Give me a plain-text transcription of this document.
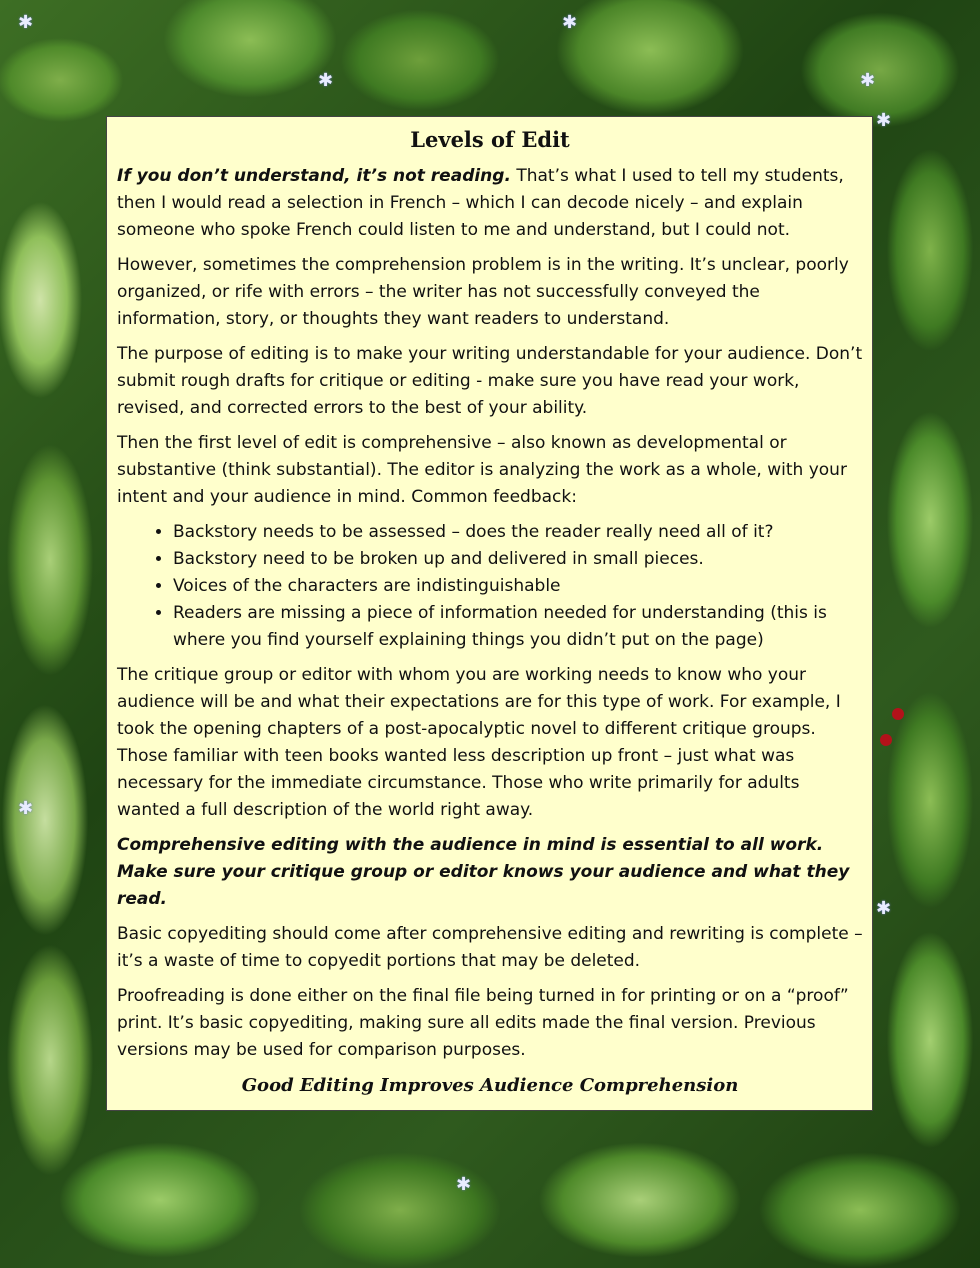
✱
✱
✱
✱
✱
✱
✱
✱
Levels of Edit

If you don’t understand, it’s not reading. That’s what I used to tell my students, then I would read a selection in French – which I can decode nicely – and explain someone who spoke French could listen to me and understand, but I could not.

However, sometimes the comprehension problem is in the writing. It’s unclear, poorly organized, or rife with errors – the writer has not successfully conveyed the information, story, or thoughts they want readers to understand.

The purpose of editing is to make your writing understandable for your audience. Don’t submit rough drafts for critique or editing - make sure you have read your work, revised, and corrected errors to the best of your ability.

Then the first level of edit is comprehensive – also known as developmental or substantive (think substantial). The editor is analyzing the work as a whole, with your intent and your audience in mind. Common feedback:

• Backstory needs to be assessed – does the reader really need all of it?
• Backstory need to be broken up and delivered in small pieces.
• Voices of the characters are indistinguishable
• Readers are missing a piece of information needed for understanding (this is where you find yourself explaining things you didn’t put on the page)

The critique group or editor with whom you are working needs to know who your audience will be and what their expectations are for this type of work. For example, I took the opening chapters of a post-apocalyptic novel to different critique groups. Those familiar with teen books wanted less description up front – just what was necessary for the immediate circumstance. Those who write primarily for adults wanted a full description of the world right away.

Comprehensive editing with the audience in mind is essential to all work. Make sure your critique group or editor knows your audience and what they read.

Basic copyediting should come after comprehensive editing and rewriting is complete – it’s a waste of time to copyedit portions that may be deleted.

Proofreading is done either on the final file being turned in for printing or on a “proof” print. It’s basic copyediting, making sure all edits made the final version. Previous versions may be used for comparison purposes.

Good Editing Improves Audience Comprehension
